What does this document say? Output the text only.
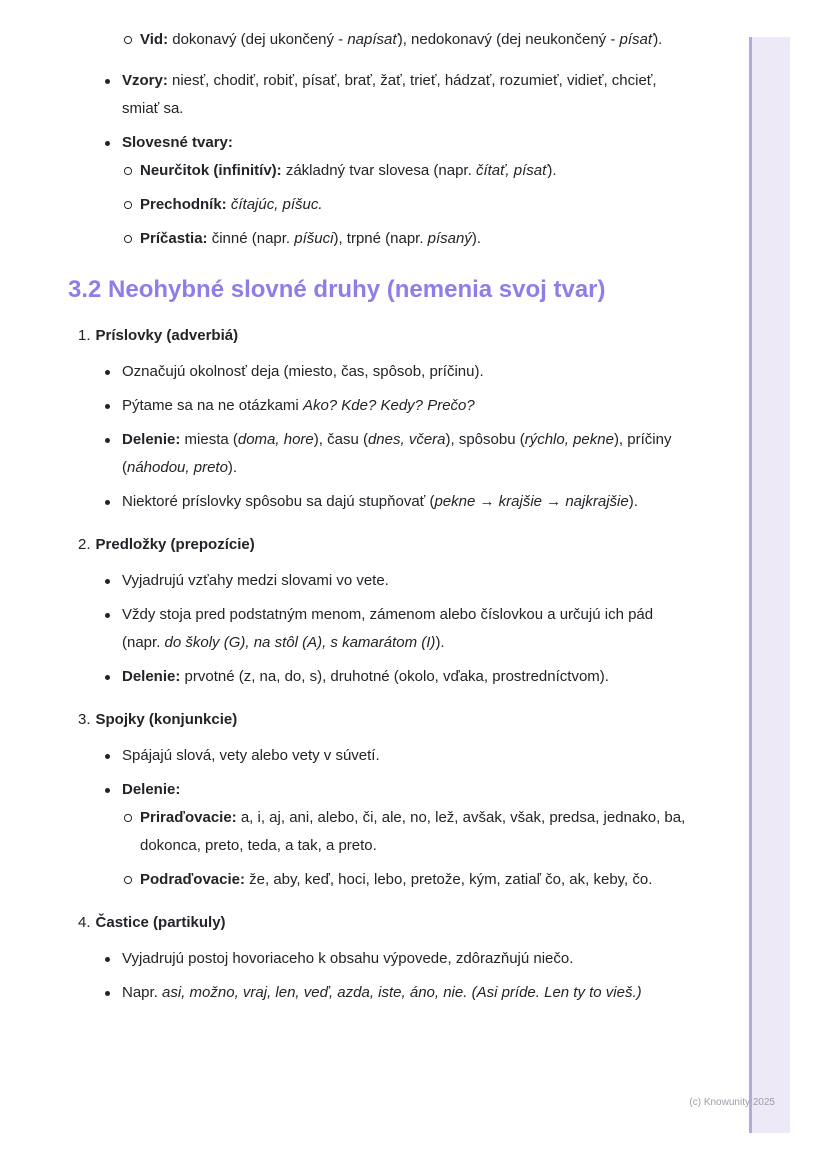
Vid: dokonavý (dej ukončený - napísať), nedokonavý (dej neukončený - písať).
Vzory: niesť, chodiť, robiť, písať, brať, žať, trieť, hádzať, rozumieť, vidieť, chcieť, smiať sa.
Slovesné tvary:
Neurčitok (infinitív): základný tvar slovesa (napr. čítať, písať).
Prechodník: čítajúc, píšuc.
Príčastia: činné (napr. píšuci), trpné (napr. písaný).
3.2 Neohybné slovné druhy (nemenia svoj tvar)
1. Príslovky (adverbiá)
Označujú okolnosť deja (miesto, čas, spôsob, príčinu).
Pýtame sa na ne otázkami Ako? Kde? Kedy? Prečo?
Delenie: miesta (doma, hore), času (dnes, včera), spôsobu (rýchlo, pekne), príčiny (náhodou, preto).
Niektoré príslovky spôsobu sa dajú stupňovať (pekne → krajšie → najkrajšie).
2. Predložky (prepozície)
Vyjadrujú vzťahy medzi slovami vo vete.
Vždy stoja pred podstatným menom, zámenom alebo číslovkou a určujú ich pád (napr. do školy (G), na stôl (A), s kamarátom (I)).
Delenie: prvotné (z, na, do, s), druhotné (okolo, vďaka, prostredníctvom).
3. Spojky (konjunkcie)
Spájajú slová, vety alebo vety v súvetí.
Delenie:
Priraďovacie: a, i, aj, ani, alebo, či, ale, no, lež, avšak, však, predsa, jednako, ba, dokonca, preto, teda, a tak, a preto.
Podraďovacie: že, aby, keď, hoci, lebo, pretože, kým, zatiaľ čo, ak, keby, čo.
4. Častice (partikuly)
Vyjadrujú postoj hovoriaceho k obsahu výpovede, zdôrazňujú niečo.
Napr. asi, možno, vraj, len, veď, azda, iste, áno, nie. (Asi príde. Len ty to vieš.)
(c) Knowunity 2025
